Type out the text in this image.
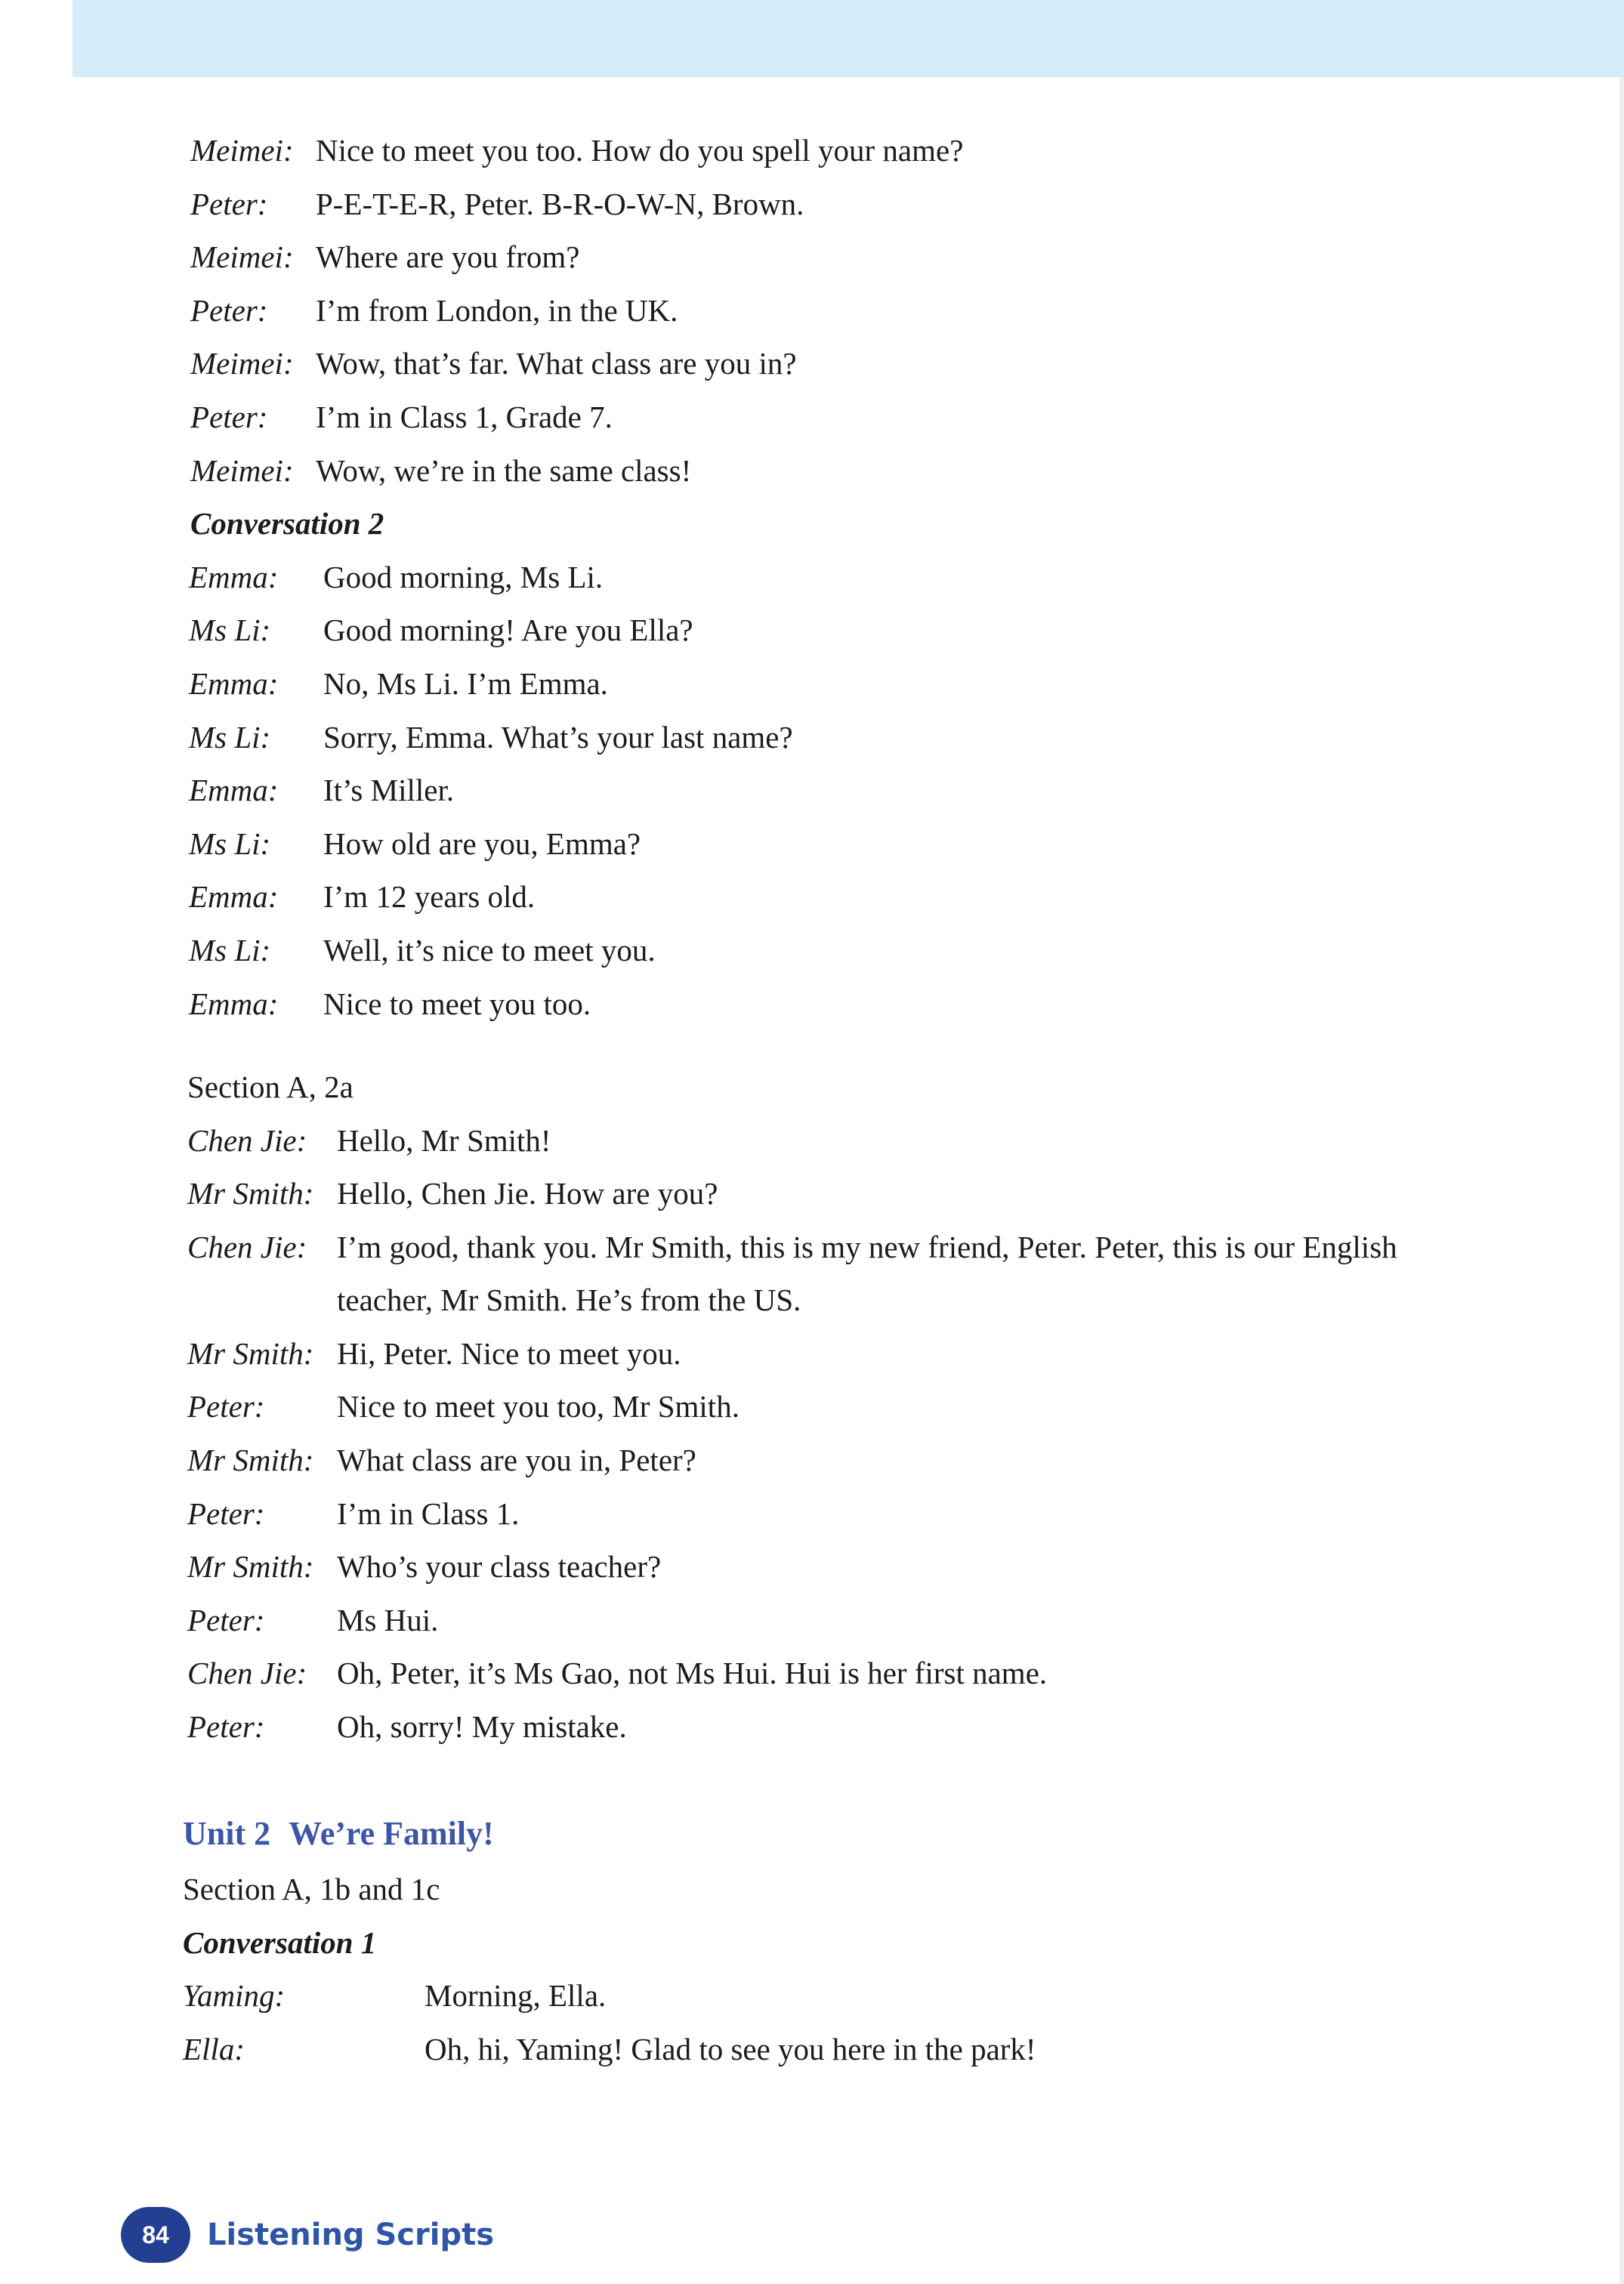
Meimei: Nice to meet you too. How do you spell your name?
Peter: P-E-T-E-R, Peter. B-R-O-W-N, Brown.
Meimei: Where are you from?
Peter: I’m from London, in the UK.
Meimei: Wow, that’s far. What class are you in?
Peter: I’m in Class 1, Grade 7.
Meimei: Wow, we’re in the same class!
Conversation 2
Emma: Good morning, Ms Li.
Ms Li: Good morning! Are you Ella?
Emma: No, Ms Li. I’m Emma.
Ms Li: Sorry, Emma. What’s your last name?
Emma: It’s Miller.
Ms Li: How old are you, Emma?
Emma: I’m 12 years old.
Ms Li: Well, it’s nice to meet you.
Emma: Nice to meet you too.
Section A, 2a
Chen Jie: Hello, Mr Smith!
Mr Smith: Hello, Chen Jie. How are you?
Chen Jie: I’m good, thank you. Mr Smith, this is my new friend, Peter. Peter, this is our English teacher, Mr Smith. He’s from the US.
Mr Smith: Hi, Peter. Nice to meet you.
Peter: Nice to meet you too, Mr Smith.
Mr Smith: What class are you in, Peter?
Peter: I’m in Class 1.
Mr Smith: Who’s your class teacher?
Peter: Ms Hui.
Chen Jie: Oh, Peter, it’s Ms Gao, not Ms Hui. Hui is her first name.
Peter: Oh, sorry! My mistake.
Unit 2 We’re Family!
Section A, 1b and 1c
Conversation 1
Yaming:	Morning, Ella.
Ella:	Oh, hi, Yaming! Glad to see you here in the park!
84	Listening Scripts
